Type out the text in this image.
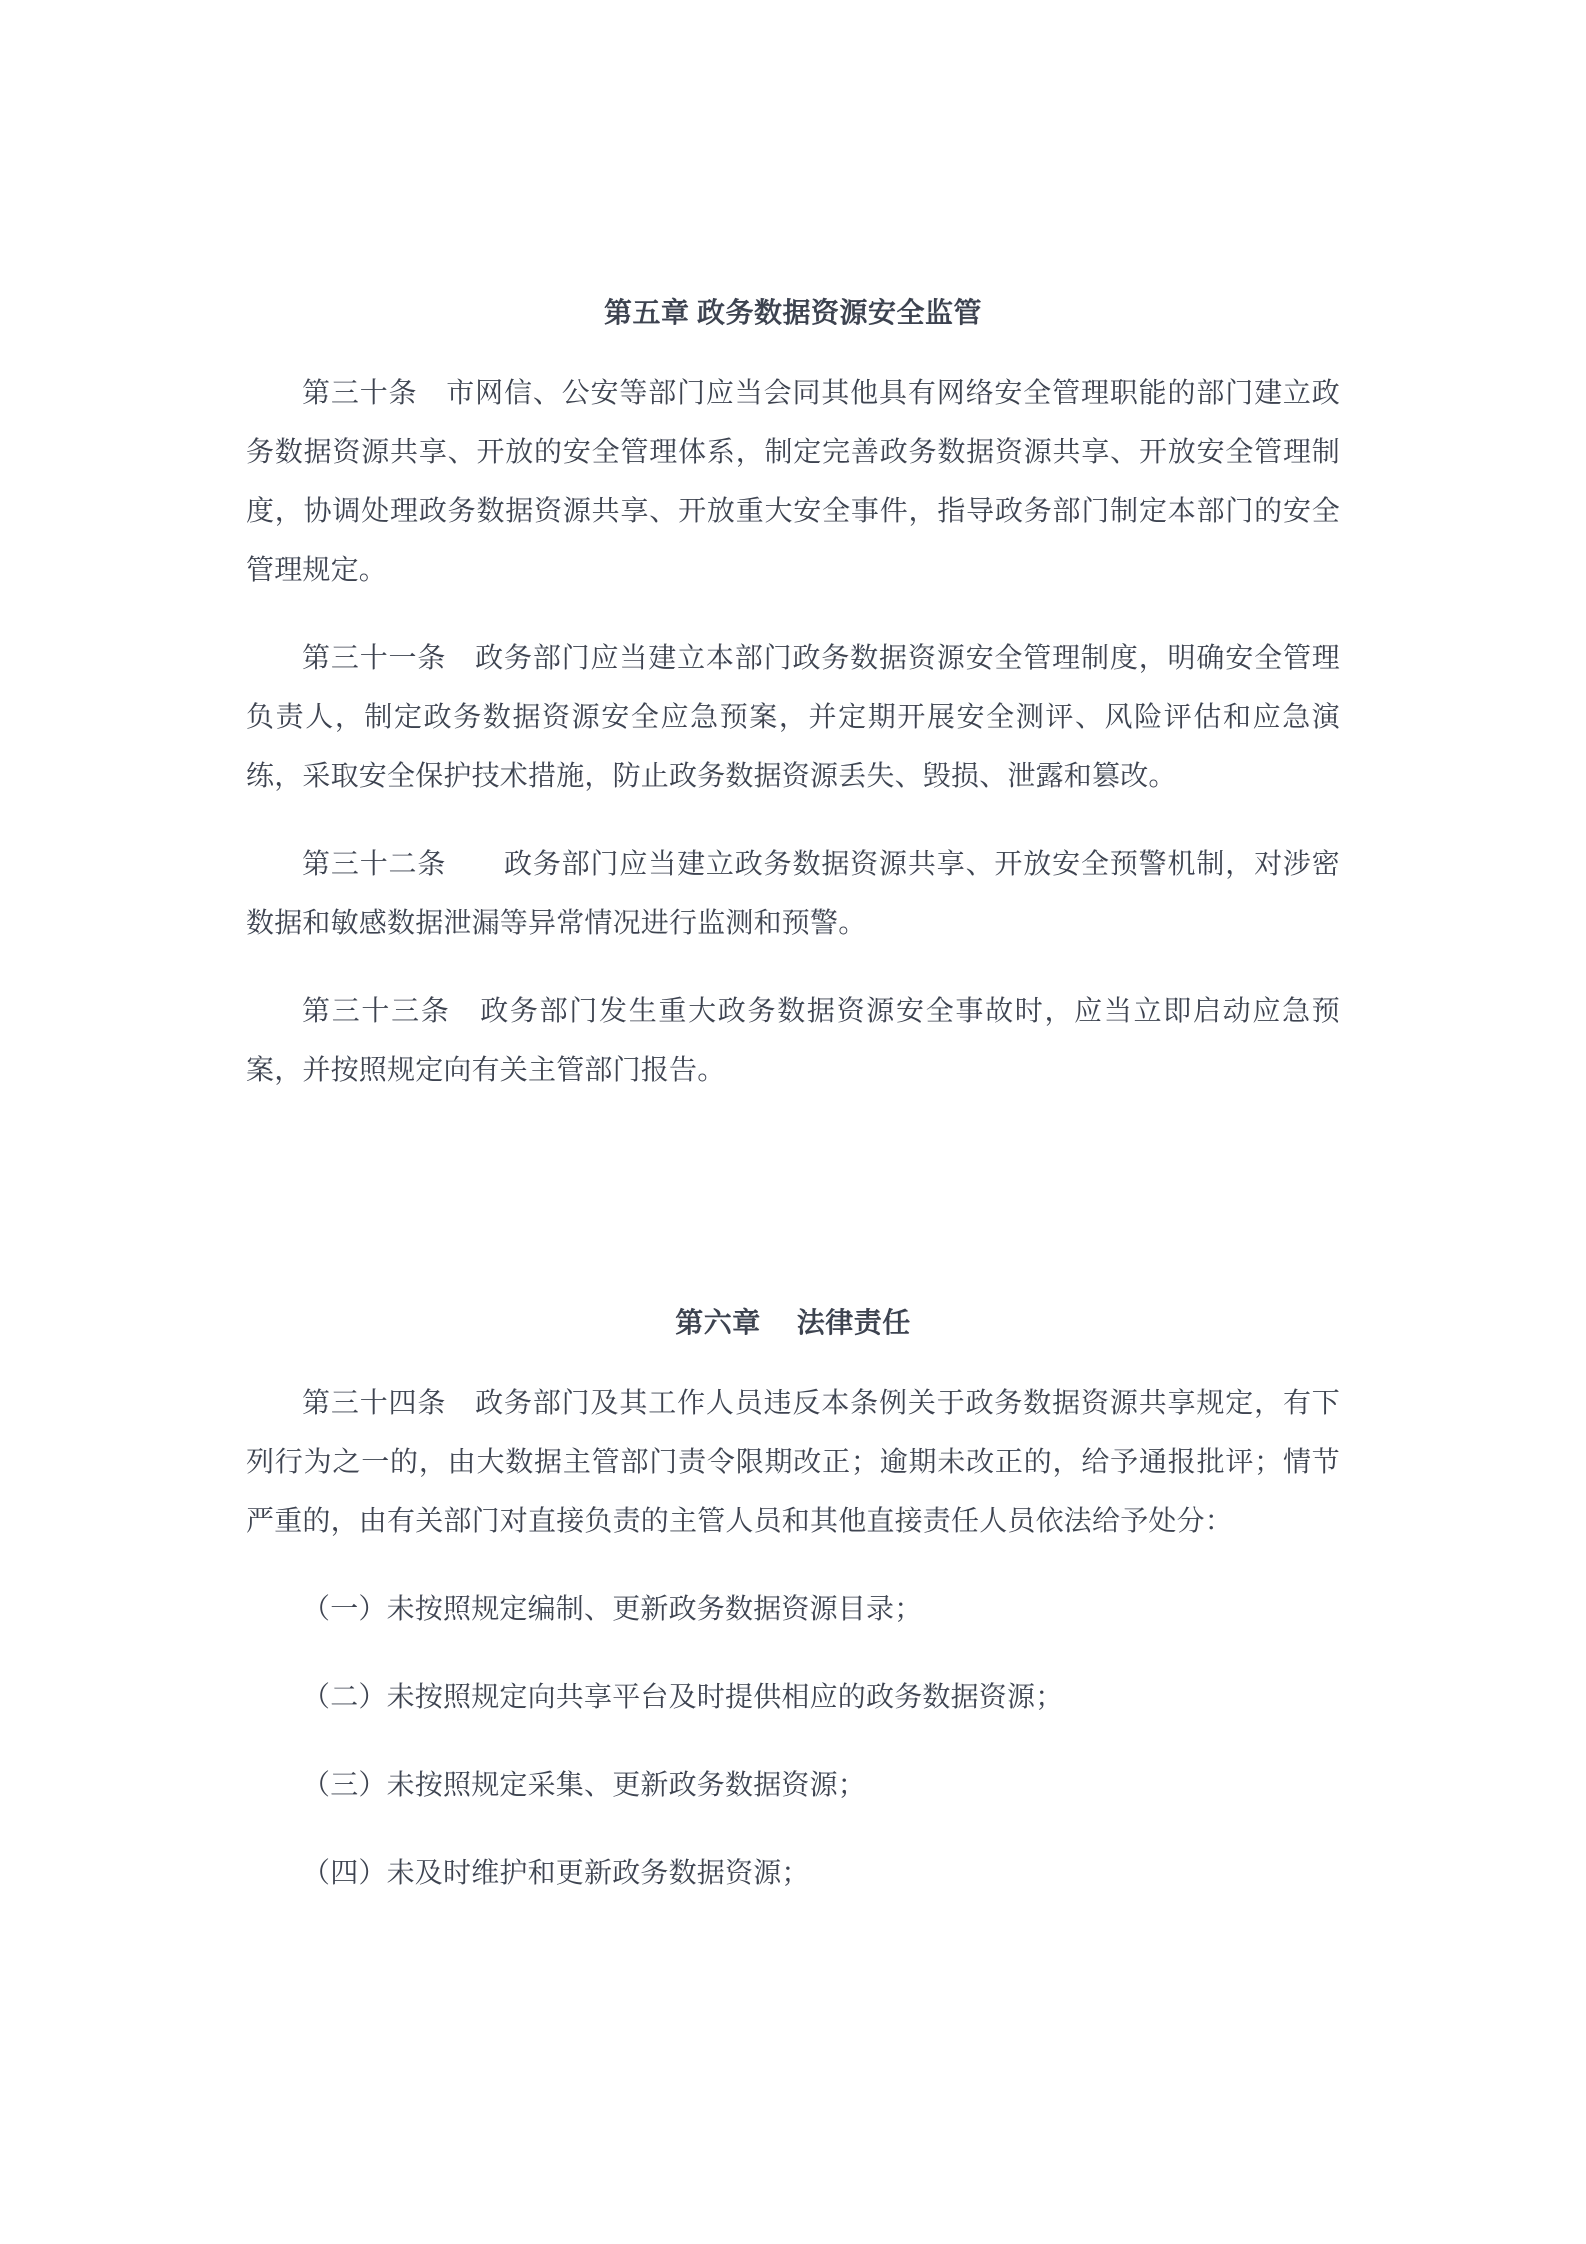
第五章 政务数据资源安全监管

第三十条　 市网信、公安等部门应当会同其他具有网络安全管理职能的部门建立政务数据资源共享、开放的安全管理体系，制定完善政务数据资源共享、开放安全管理制度，协调处理政务数据资源共享、开放重大安全事件，指导政务部门制定本部门的安全管理规定。

第三十一条　 政务部门应当建立本部门政务数据资源安全管理制度，明确安全管理负责人，制定政务数据资源安全应急预案，并定期开展安全测评、风险评估和应急演练，采取安全保护技术措施，防止政务数据资源丢失、毁损、泄露和篡改。

第三十二条　　 政务部门应当建立政务数据资源共享、开放安全预警机制，对涉密数据和敏感数据泄漏等异常情况进行监测和预警。

第三十三条　 政务部门发生重大政务数据资源安全事故时，应当立即启动应急预案，并按照规定向有关主管部门报告。

第六章　 法律责任

第三十四条　 政务部门及其工作人员违反本条例关于政务数据资源共享规定，有下列行为之一的，由大数据主管部门责令限期改正；逾期未改正的，给予通报批评；情节严重的，由有关部门对直接负责的主管人员和其他直接责任人员依法给予处分：

（一）未按照规定编制、更新政务数据资源目录；

（二）未按照规定向共享平台及时提供相应的政务数据资源；

（三）未按照规定采集、更新政务数据资源；

（四）未及时维护和更新政务数据资源；
